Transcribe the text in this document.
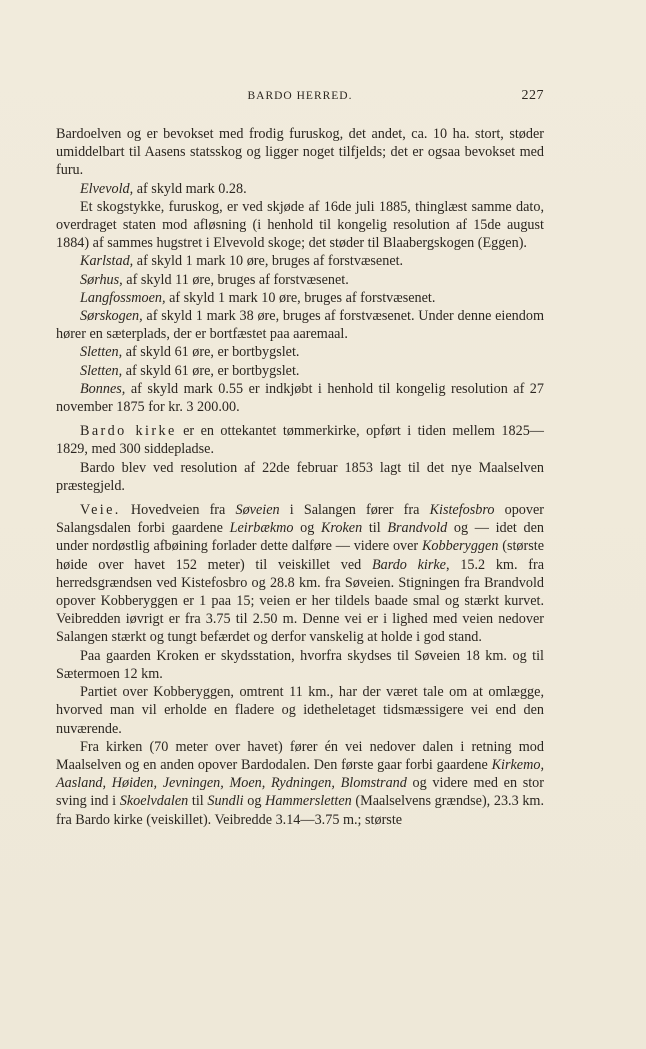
BARDO HERRED.	227

Bardoelven og er bevokset med frodig furuskog, det andet, ca. 10 ha. stort, støder umiddelbart til Aasens statsskog og ligger noget tilfjelds; det er ogsaa bevokset med furu.

Elvevold, af skyld mark 0.28.

Et skogstykke, furuskog, er ved skjøde af 16de juli 1885, thinglæst samme dato, overdraget staten mod afløsning (i henhold til kongelig resolution af 15de august 1884) af sammes hugstret i Elvevold skoge; det støder til Blaabergskogen (Eggen).

Karlstad, af skyld 1 mark 10 øre, bruges af forstvæsenet.

Sørhus, af skyld 11 øre, bruges af forstvæsenet.

Langfossmoen, af skyld 1 mark 10 øre, bruges af forstvæsenet.

Sørskogen, af skyld 1 mark 38 øre, bruges af forstvæsenet. Under denne eiendom hører en sæterplads, der er bortfæstet paa aaremaal.

Sletten, af skyld 61 øre, er bortbygslet.

Sletten, af skyld 61 øre, er bortbygslet.

Bonnes, af skyld mark 0.55 er indkjøbt i henhold til kongelig resolution af 27 november 1875 for kr. 3 200.00.

Bardo kirke er en ottekantet tømmerkirke, opført i tiden mellem 1825—1829, med 300 siddepladse.

Bardo blev ved resolution af 22de februar 1853 lagt til det nye Maalselven præstegjeld.

Veie. Hovedveien fra Søveien i Salangen fører fra Kistefosbro opover Salangsdalen forbi gaardene Leirbækmo og Kroken til Brandvold og — idet den under nordøstlig afbøining forlader dette dalføre — videre over Kobberyggen (største høide over havet 152 meter) til veiskillet ved Bardo kirke, 15.2 km. fra herredsgrændsen ved Kistefosbro og 28.8 km. fra Søveien. Stigningen fra Brandvold opover Kobberyggen er 1 paa 15; veien er her tildels baade smal og stærkt kurvet. Veibredden iøvrigt er fra 3.75 til 2.50 m. Denne vei er i lighed med veien nedover Salangen stærkt og tungt befærdet og derfor vanskelig at holde i god stand.

Paa gaarden Kroken er skydsstation, hvorfra skydses til Søveien 18 km. og til Sætermoen 12 km.

Partiet over Kobberyggen, omtrent 11 km., har der været tale om at omlægge, hvorved man vil erholde en fladere og idetheletaget tidsmæssigere vei end den nuværende.

Fra kirken (70 meter over havet) fører én vei nedover dalen i retning mod Maalselven og en anden opover Bardodalen. Den første gaar forbi gaardene Kirkemo, Aasland, Høiden, Jevningen, Moen, Rydningen, Blomstrand og videre med en stor sving ind i Skoelvdalen til Sundli og Hammersletten (Maalselvens grændse), 23.3 km. fra Bardo kirke (veiskillet). Veibredde 3.14—3.75 m.; største
